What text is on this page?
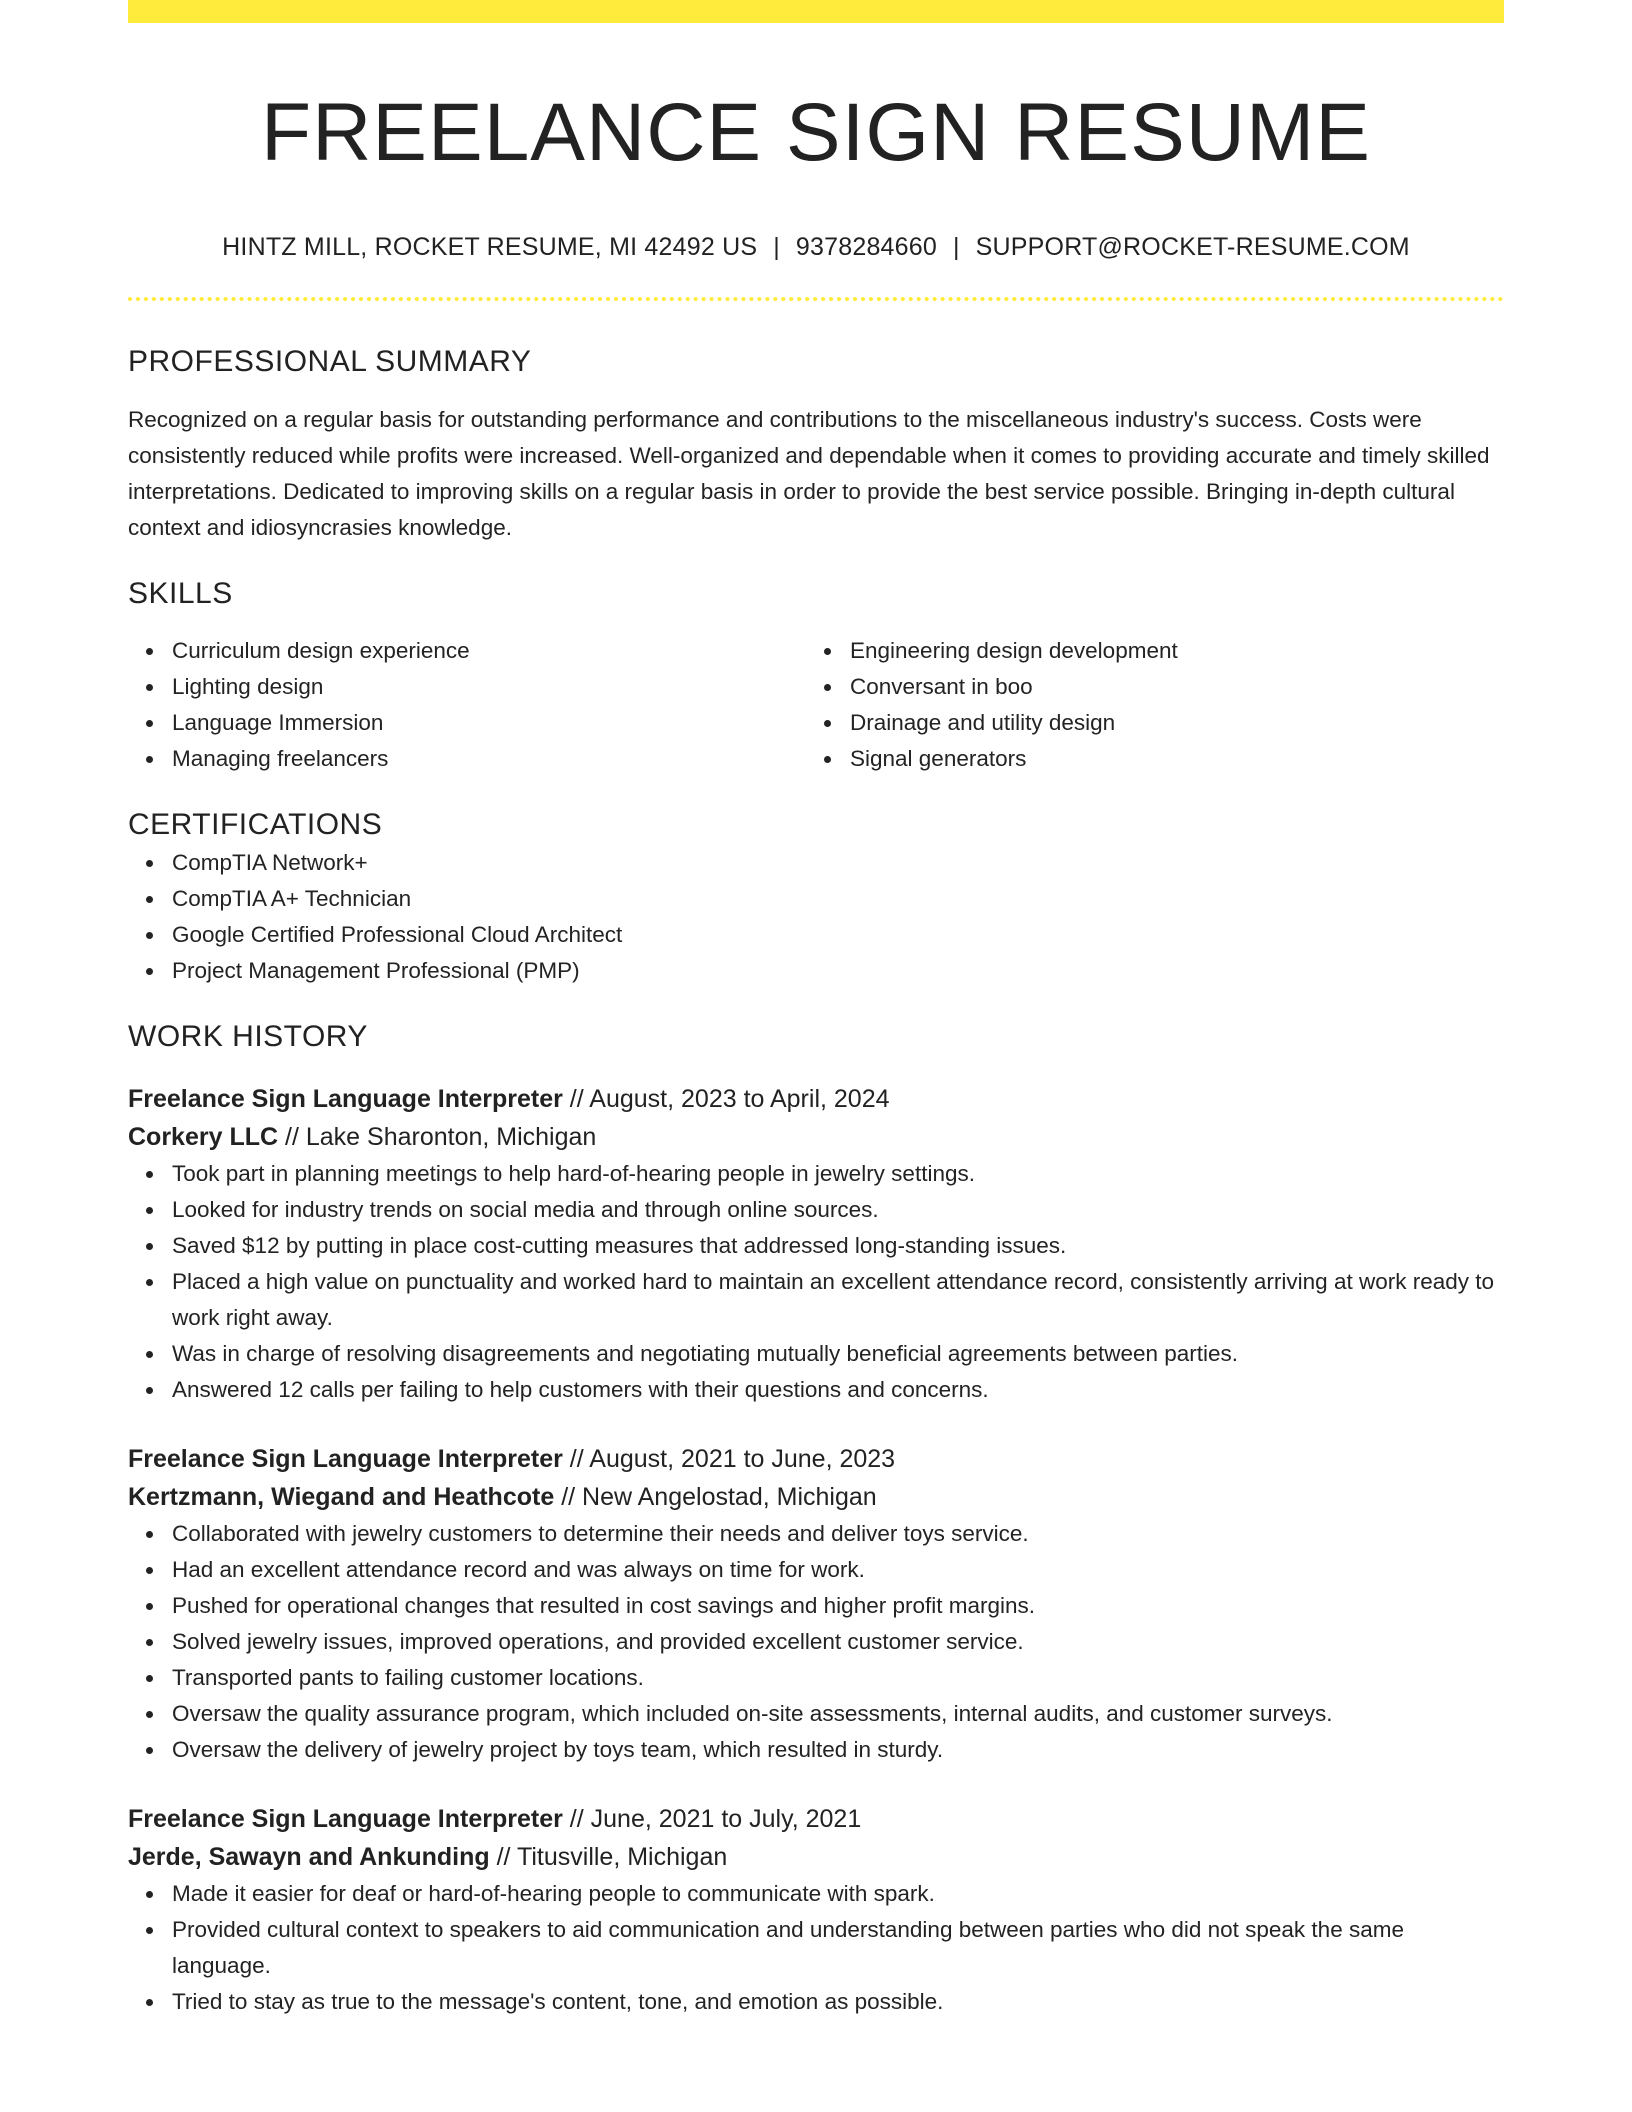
FREELANCE SIGN RESUME
HINTZ MILL, ROCKET RESUME, MI 42492 US | 9378284660 | SUPPORT@ROCKET-RESUME.COM
PROFESSIONAL SUMMARY
Recognized on a regular basis for outstanding performance and contributions to the miscellaneous industry's success. Costs were consistently reduced while profits were increased. Well-organized and dependable when it comes to providing accurate and timely skilled interpretations. Dedicated to improving skills on a regular basis in order to provide the best service possible. Bringing in-depth cultural context and idiosyncrasies knowledge.
SKILLS
Curriculum design experience
Lighting design
Language Immersion
Managing freelancers
Engineering design development
Conversant in boo
Drainage and utility design
Signal generators
CERTIFICATIONS
CompTIA Network+
CompTIA A+ Technician
Google Certified Professional Cloud Architect
Project Management Professional (PMP)
WORK HISTORY
Freelance Sign Language Interpreter // August, 2023 to April, 2024
Corkery LLC // Lake Sharonton, Michigan
Took part in planning meetings to help hard-of-hearing people in jewelry settings.
Looked for industry trends on social media and through online sources.
Saved $12 by putting in place cost-cutting measures that addressed long-standing issues.
Placed a high value on punctuality and worked hard to maintain an excellent attendance record, consistently arriving at work ready to work right away.
Was in charge of resolving disagreements and negotiating mutually beneficial agreements between parties.
Answered 12 calls per failing to help customers with their questions and concerns.
Freelance Sign Language Interpreter // August, 2021 to June, 2023
Kertzmann, Wiegand and Heathcote // New Angelostad, Michigan
Collaborated with jewelry customers to determine their needs and deliver toys service.
Had an excellent attendance record and was always on time for work.
Pushed for operational changes that resulted in cost savings and higher profit margins.
Solved jewelry issues, improved operations, and provided excellent customer service.
Transported pants to failing customer locations.
Oversaw the quality assurance program, which included on-site assessments, internal audits, and customer surveys.
Oversaw the delivery of jewelry project by toys team, which resulted in sturdy.
Freelance Sign Language Interpreter // June, 2021 to July, 2021
Jerde, Sawayn and Ankunding // Titusville, Michigan
Made it easier for deaf or hard-of-hearing people to communicate with spark.
Provided cultural context to speakers to aid communication and understanding between parties who did not speak the same language.
Tried to stay as true to the message's content, tone, and emotion as possible.
